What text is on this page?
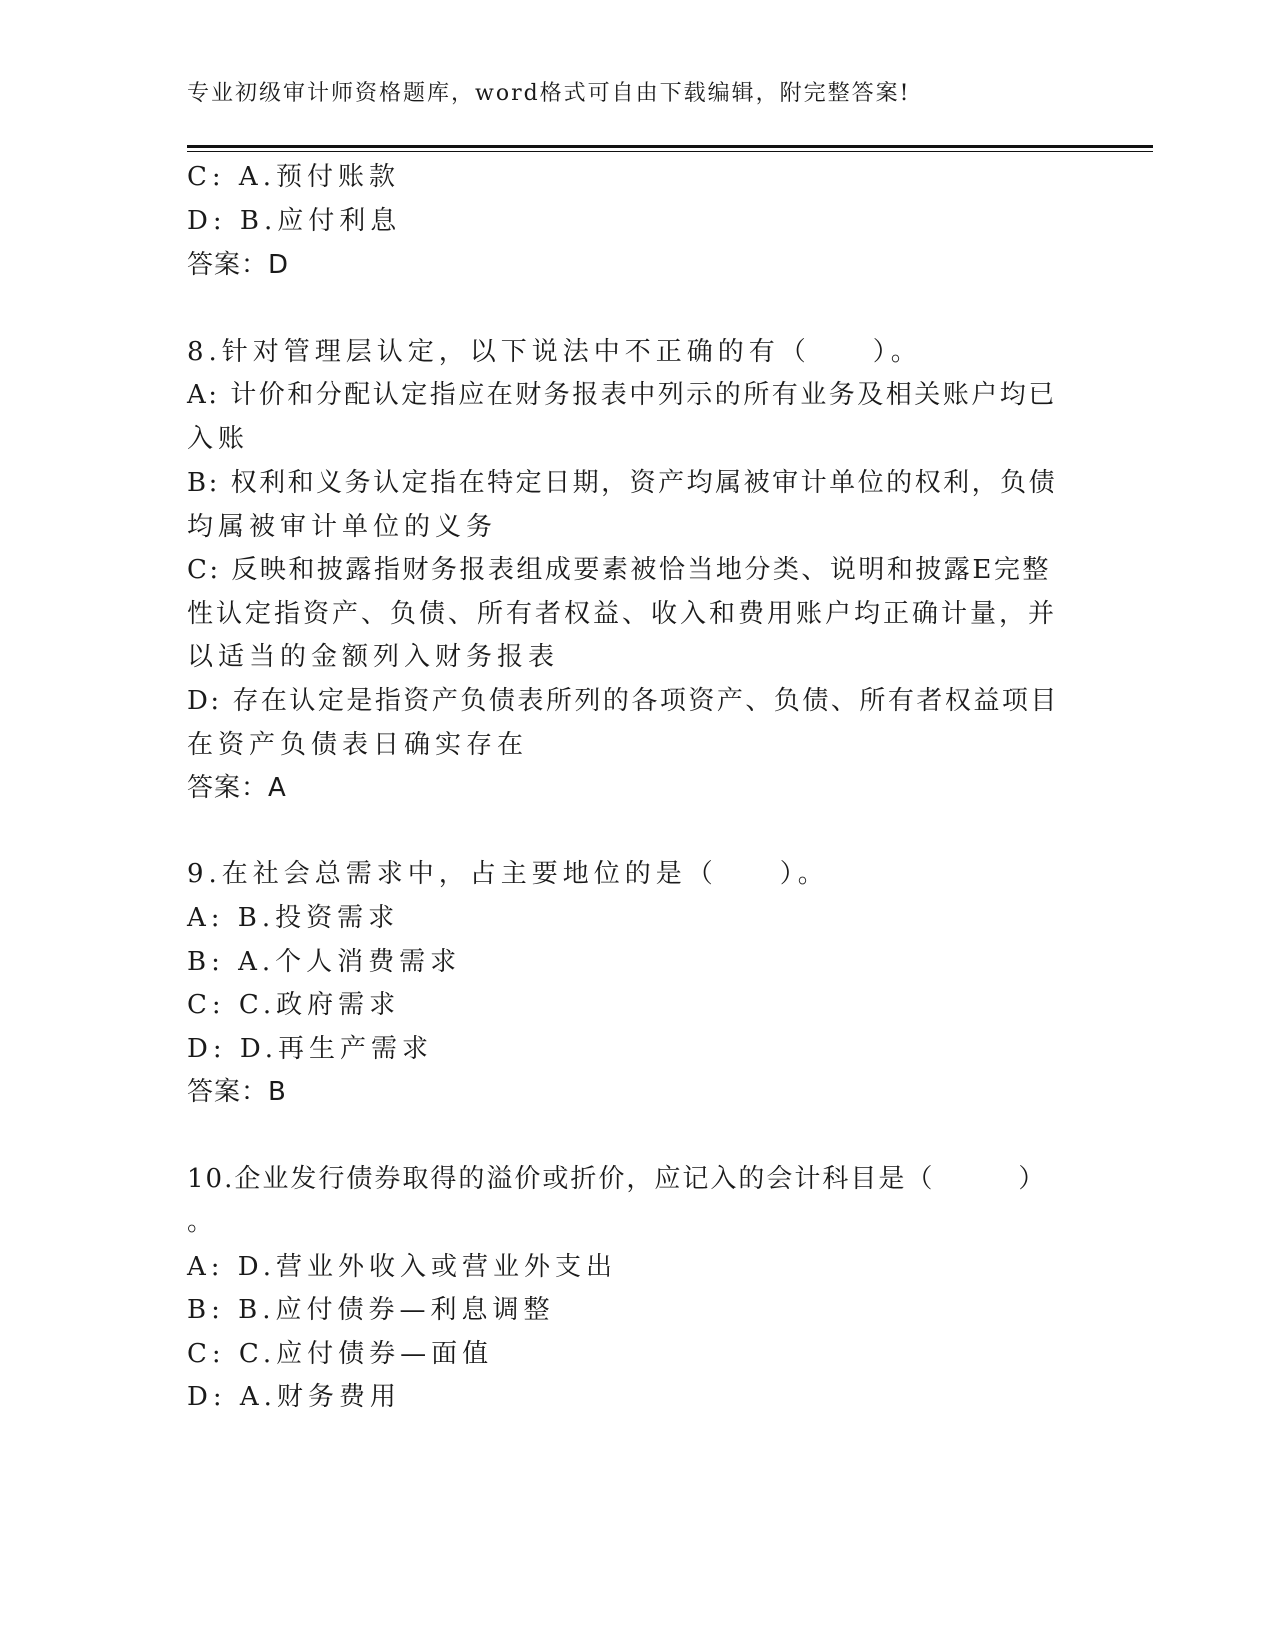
专业初级审计师资格题库，word格式可自由下载编辑，附完整答案!
C: A.预付账款
D: B.应付利息
答案：D
8.针对管理层认定，以下说法中不正确的有（　　）。
A: 计价和分配认定指应在财务报表中列示的所有业务及相关账户均已
入账
B: 权利和义务认定指在特定日期，资产均属被审计单位的权利，负债
均属被审计单位的义务
C: 反映和披露指财务报表组成要素被恰当地分类、说明和披露E完整
性认定指资产、负债、所有者权益、收入和费用账户均正确计量，并
以适当的金额列入财务报表
D: 存在认定是指资产负债表所列的各项资产、负债、所有者权益项目
在资产负债表日确实存在
答案：A
9.在社会总需求中，占主要地位的是（　　）。
A: B.投资需求
B: A.个人消费需求
C: C.政府需求
D: D.再生产需求
答案：B
10.企业发行债券取得的溢价或折价，应记入的会计科目是（　　　）
。
A: D.营业外收入或营业外支出
B: B.应付债券—利息调整
C: C.应付债券—面值
D: A.财务费用
